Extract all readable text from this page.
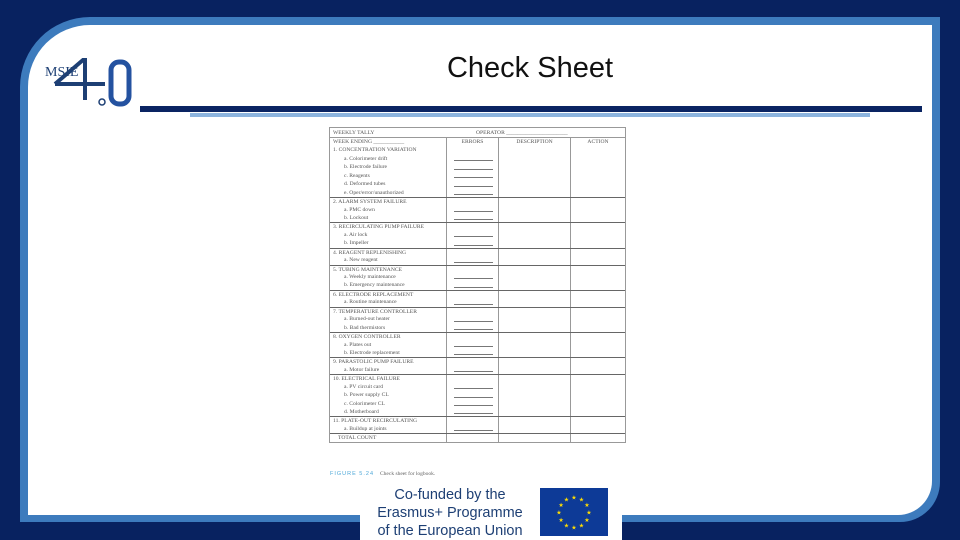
MSIE	Check Sheet
WEEKLY TALLY	OPERATOR ______________________
WEEK ENDING ___________	ERRORS	DESCRIPTION	ACTION
1. CONCENTRATION VARIATION
a. Colorimeter drift
b. Electrode failure
c. Reagents
d. Deformed tubes
e. Oper/error/unauthorized
2. ALARM SYSTEM FAILURE
a. PMC down
b. Lockout
3. RECIRCULATING PUMP FAILURE
a. Air lock
b. Impeller
4. REAGENT REPLENISHING
a. New reagent
5. TUBING MAINTENANCE
a. Weekly maintenance
b. Emergency maintenance
6. ELECTRODE REPLACEMENT
a. Routine maintenance
7. TEMPERATURE CONTROLLER
a. Burned-out heater
b. Bad thermistors
8. OXYGEN CONTROLLER
a. Plates out
b. Electrode replacement
9. PARASTOLIC PUMP FAILURE
a. Motor failure
10. ELECTRICAL FAILURE
a. PV circuit card
b. Power supply CL
c. Colorimeter CL
d. Motherboard
11. PLATE-OUT RECIRCULATING
a. Buildup at joints
TOTAL COUNT
FIGURE 5.24 Check sheet for logbook.
Co-funded by the
Erasmus+ Programme
of the European Union
★
★
★
★
★
★
★
★
★ ★ ★
★
